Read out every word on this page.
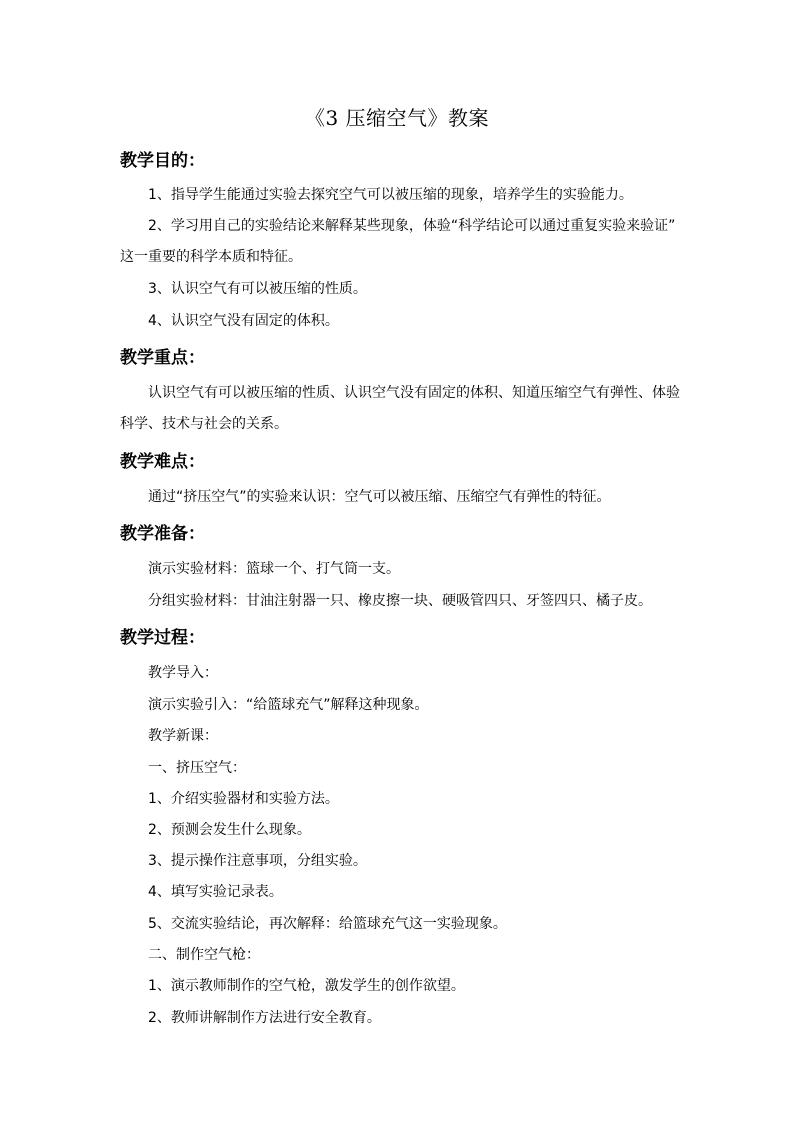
《3 压缩空气》教案
教学目的：
1、指导学生能通过实验去探究空气可以被压缩的现象，培养学生的实验能力。
2、学习用自己的实验结论来解释某些现象，体验“科学结论可以通过重复实验来验证”
这一重要的科学本质和特征。
3、认识空气有可以被压缩的性质。
4、认识空气没有固定的体积。
教学重点：
认识空气有可以被压缩的性质、认识空气没有固定的体积、知道压缩空气有弹性、体验
科学、技术与社会的关系。
教学难点：
通过“挤压空气”的实验来认识：空气可以被压缩、压缩空气有弹性的特征。
教学准备：
演示实验材料：篮球一个、打气筒一支。
分组实验材料：甘油注射器一只、橡皮擦一块、硬吸管四只、牙签四只、橘子皮。
教学过程：
教学导入：
演示实验引入：“给篮球充气”解释这种现象。
教学新课：
一、挤压空气：
1、介绍实验器材和实验方法。
2、预测会发生什么现象。
3、提示操作注意事项，分组实验。
4、填写实验记录表。
5、交流实验结论，再次解释：给篮球充气这一实验现象。
二、制作空气枪：
1、演示教师制作的空气枪，激发学生的创作欲望。
2、教师讲解制作方法进行安全教育。
